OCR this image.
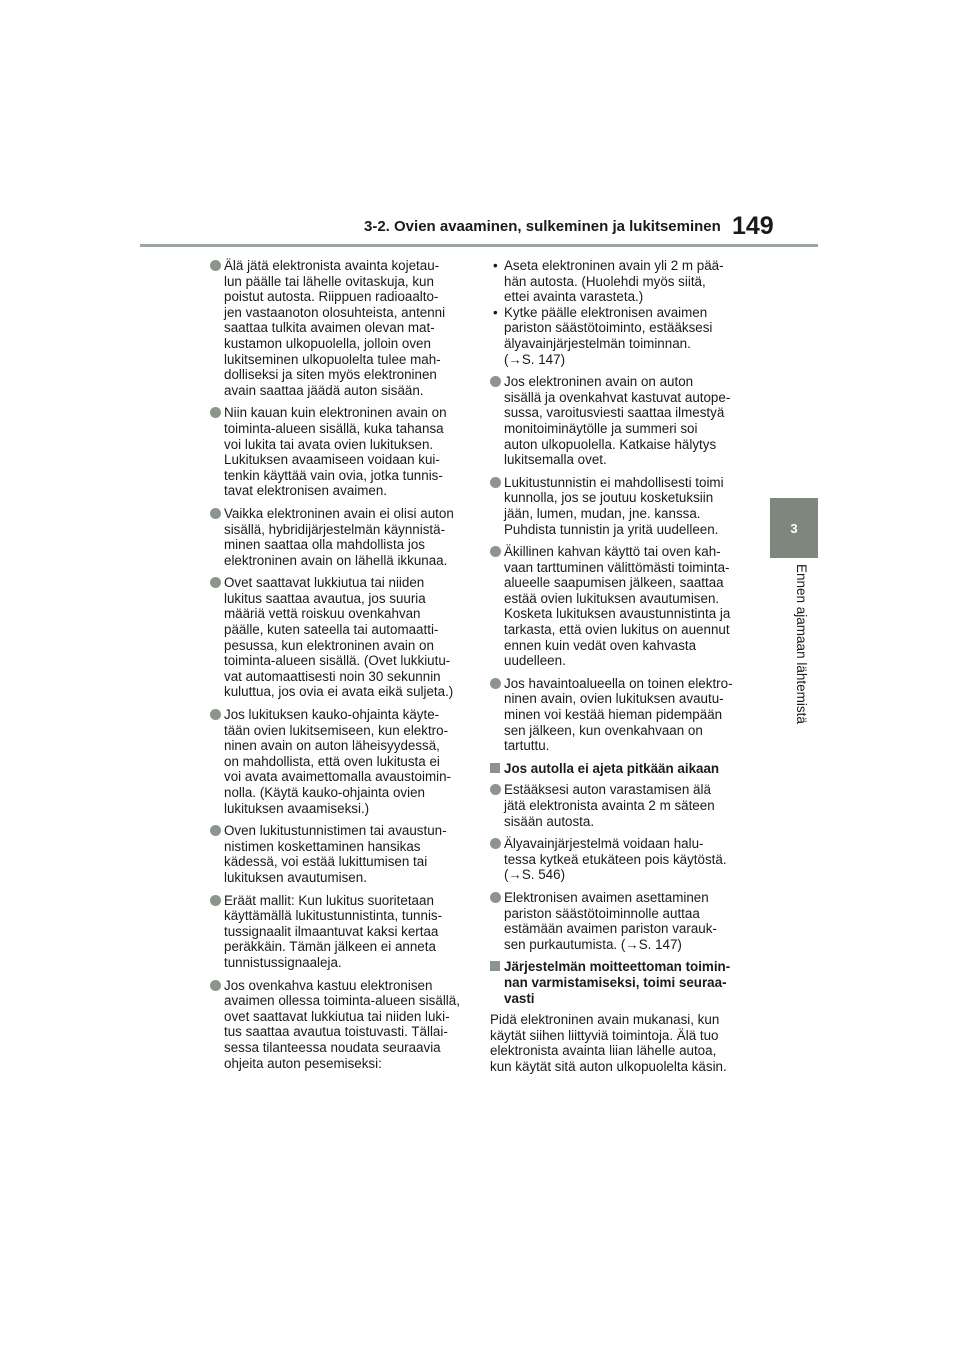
3-2. Ovien avaaminen, sulkeminen ja lukitseminen 149
3
Ennen ajamaan lähtemistä
Älä jätä elektronista avainta kojetau-
lun päälle tai lähelle ovitaskuja, kun
poistut autosta. Riippuen radioaalto-
jen vastaanoton olosuhteista, antenni
saattaa tulkita avaimen olevan mat-
kustamon ulkopuolella, jolloin oven
lukitseminen ulkopuolelta tulee mah-
dolliseksi ja siten myös elektroninen
avain saattaa jäädä auton sisään.
Niin kauan kuin elektroninen avain on
toiminta-alueen sisällä, kuka tahansa
voi lukita tai avata ovien lukituksen.
Lukituksen avaamiseen voidaan kui-
tenkin käyttää vain ovia, jotka tunnis-
tavat elektronisen avaimen.
Vaikka elektroninen avain ei olisi auton
sisällä, hybridijärjestelmän käynnistä-
minen saattaa olla mahdollista jos
elektroninen avain on lähellä ikkunaa.
Ovet saattavat lukkiutua tai niiden
lukitus saattaa avautua, jos suuria
määriä vettä roiskuu ovenkahvan
päälle, kuten sateella tai automaatti-
pesussa, kun elektroninen avain on
toiminta-alueen sisällä. (Ovet lukkiutu-
vat automaattisesti noin 30 sekunnin
kuluttua, jos ovia ei avata eikä suljeta.)
Jos lukituksen kauko-ohjainta käyte-
tään ovien lukitsemiseen, kun elektro-
ninen avain on auton läheisyydessä,
on mahdollista, että oven lukitusta ei
voi avata avaimettomalla avaustoimin-
nolla. (Käytä kauko-ohjainta ovien
lukituksen avaamiseksi.)
Oven lukitustunnistimen tai avaustun-
nistimen koskettaminen hansikas
kädessä, voi estää lukittumisen tai
lukituksen avautumisen.
Eräät mallit: Kun lukitus suoritetaan
käyttämällä lukitustunnistinta, tunnis-
tussignaalit ilmaantuvat kaksi kertaa
peräkkäin. Tämän jälkeen ei anneta
tunnistussignaaleja.
Jos ovenkahva kastuu elektronisen
avaimen ollessa toiminta-alueen sisällä,
ovet saattavat lukkiutua tai niiden luki-
tus saattaa avautua toistuvasti. Tällai-
sessa tilanteessa noudata seuraavia
ohjeita auton pesemiseksi:
• Aseta elektroninen avain yli 2 m pää-
hän autosta. (Huolehdi myös siitä,
ettei avainta varasteta.)
• Kytke päälle elektronisen avaimen
pariston säästötoiminto, estääksesi
älyavainjärjestelmän toiminnan.
(→S. 147)
Jos elektroninen avain on auton
sisällä ja ovenkahvat kastuvat autope-
sussa, varoitusviesti saattaa ilmestyä
monitoiminäytölle ja summeri soi
auton ulkopuolella. Katkaise hälytys
lukitsemalla ovet.
Lukitustunnistin ei mahdollisesti toimi
kunnolla, jos se joutuu kosketuksiin
jään, lumen, mudan, jne. kanssa.
Puhdista tunnistin ja yritä uudelleen.
Äkillinen kahvan käyttö tai oven kah-
vaan tarttuminen välittömästi toiminta-
alueelle saapumisen jälkeen, saattaa
estää ovien lukituksen avautumisen.
Kosketa lukituksen avaustunnistinta ja
tarkasta, että ovien lukitus on auennut
ennen kuin vedät oven kahvasta
uudelleen.
Jos havaintoalueella on toinen elektro-
ninen avain, ovien lukituksen avautu-
minen voi kestää hieman pidempään
sen jälkeen, kun ovenkahvaan on
tartuttu.
Jos autolla ei ajeta pitkään aikaan
Estääksesi auton varastamisen älä
jätä elektronista avainta 2 m säteen
sisään autosta.
Älyavainjärjestelmä voidaan halu-
tessa kytkeä etukäteen pois käytöstä.
(→S. 546)
Elektronisen avaimen asettaminen
pariston säästötoiminnolle auttaa
estämään avaimen pariston varauk-
sen purkautumista. (→S. 147)
Järjestelmän moitteettoman toimin-
nan varmistamiseksi, toimi seuraa-
vasti
Pidä elektroninen avain mukanasi, kun
käytät siihen liittyviä toimintoja. Älä tuo
elektronista avainta liian lähelle autoa,
kun käytät sitä auton ulkopuolelta käsin.
